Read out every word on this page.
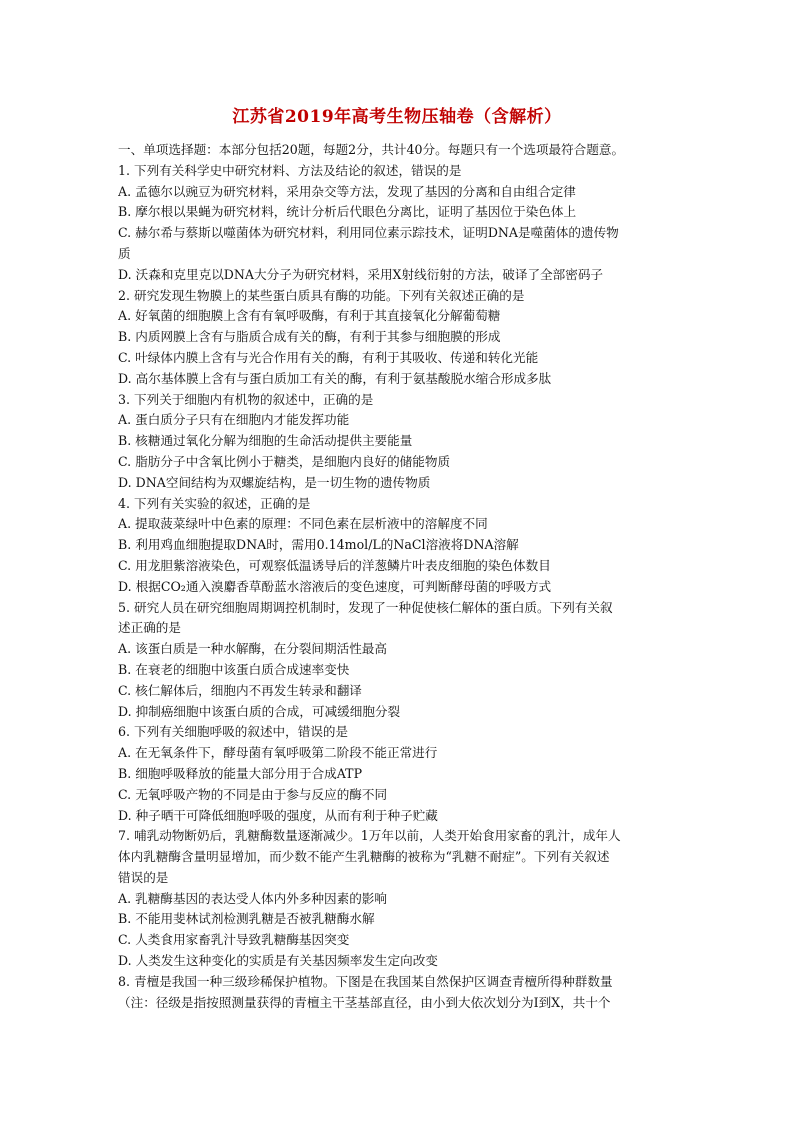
江苏省2019年高考生物压轴卷（含解析）
一、单项选择题：本部分包括20题，每题2分，共计40分。每题只有一个选项最符合题意。
1. 下列有关科学史中研究材料、方法及结论的叙述，错误的是
A. 孟德尔以豌豆为研究材料，采用杂交等方法，发现了基因的分离和自由组合定律
B. 摩尔根以果蝇为研究材料，统计分析后代眼色分离比，证明了基因位于染色体上
C. 赫尔希与蔡斯以噬菌体为研究材料，利用同位素示踪技术，证明DNA是噬菌体的遗传物
质
D. 沃森和克里克以DNA大分子为研究材料，采用X射线衍射的方法，破译了全部密码子
2. 研究发现生物膜上的某些蛋白质具有酶的功能。下列有关叙述正确的是
A. 好氧菌的细胞膜上含有有氧呼吸酶，有利于其直接氧化分解葡萄糖
B. 内质网膜上含有与脂质合成有关的酶，有利于其参与细胞膜的形成
C. 叶绿体内膜上含有与光合作用有关的酶，有利于其吸收、传递和转化光能
D. 高尔基体膜上含有与蛋白质加工有关的酶，有利于氨基酸脱水缩合形成多肽
3. 下列关于细胞内有机物的叙述中，正确的是
A. 蛋白质分子只有在细胞内才能发挥功能
B. 核糖通过氧化分解为细胞的生命活动提供主要能量
C. 脂肪分子中含氧比例小于糖类，是细胞内良好的储能物质
D. DNA空间结构为双螺旋结构，是一切生物的遗传物质
4. 下列有关实验的叙述，正确的是
A. 提取菠菜绿叶中色素的原理：不同色素在层析液中的溶解度不同
B. 利用鸡血细胞提取DNA时，需用0.14mol/L的NaCl溶液将DNA溶解
C. 用龙胆紫溶液染色，可观察低温诱导后的洋葱鳞片叶表皮细胞的染色体数目
D. 根据CO₂通入溴麝香草酚蓝水溶液后的变色速度，可判断酵母菌的呼吸方式
5. 研究人员在研究细胞周期调控机制时，发现了一种促使核仁解体的蛋白质。下列有关叙
述正确的是
A. 该蛋白质是一种水解酶，在分裂间期活性最高
B. 在衰老的细胞中该蛋白质合成速率变快
C. 核仁解体后，细胞内不再发生转录和翻译
D. 抑制癌细胞中该蛋白质的合成，可减缓细胞分裂
6. 下列有关细胞呼吸的叙述中，错误的是
A. 在无氧条件下，酵母菌有氧呼吸第二阶段不能正常进行
B. 细胞呼吸释放的能量大部分用于合成ATP
C. 无氧呼吸产物的不同是由于参与反应的酶不同
D. 种子晒干可降低细胞呼吸的强度，从而有利于种子贮藏
7. 哺乳动物断奶后，乳糖酶数量逐渐减少。1万年以前，人类开始食用家畜的乳汁，成年人
体内乳糖酶含量明显增加，而少数不能产生乳糖酶的被称为“乳糖不耐症”。下列有关叙述
错误的是
A. 乳糖酶基因的表达受人体内外多种因素的影响
B. 不能用斐林试剂检测乳糖是否被乳糖酶水解
C. 人类食用家畜乳汁导致乳糖酶基因突变
D. 人类发生这种变化的实质是有关基因频率发生定向改变
8. 青檀是我国一种三级珍稀保护植物。下图是在我国某自然保护区调查青檀所得种群数量
（注：径级是指按照测量获得的青檀主干茎基部直径，由小到大依次划分为Ⅰ到Ⅹ，共十个
